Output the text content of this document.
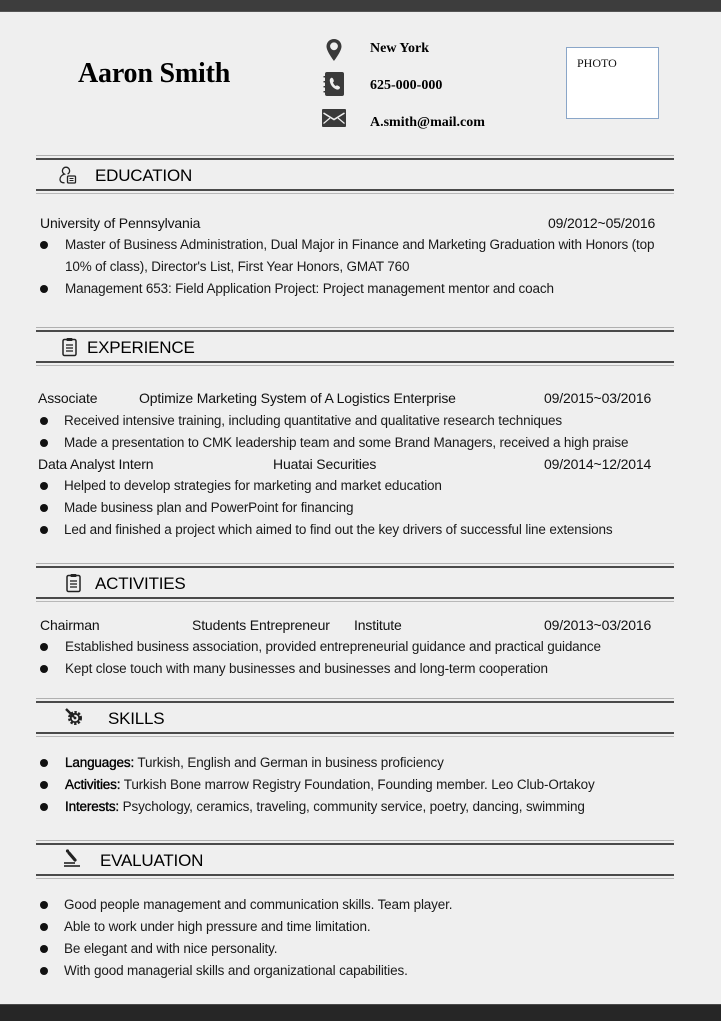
Aaron Smith
New York
625-000-000
A.smith@mail.com
PHOTO
EDUCATION
University of Pennsylvania	09/2012~05/2016
Master of Business Administration, Dual Major in Finance and Marketing Graduation with Honors (top
10% of class), Director's List, First Year Honors, GMAT 760
Management 653: Field Application Project: Project management mentor and coach
EXPERIENCE
Associate	Optimize Marketing System of A Logistics Enterprise	09/2015~03/2016
Received intensive training, including quantitative and qualitative research techniques
Made a presentation to CMK leadership team and some Brand Managers, received a high praise
Data Analyst Intern	Huatai Securities	09/2014~12/2014
Helped to develop strategies for marketing and market education
Made business plan and PowerPoint for financing
Led and finished a project which aimed to find out the key drivers of successful line extensions
ACTIVITIES
Chairman	Students Entrepreneur Institute	09/2013~03/2016
Established business association, provided entrepreneurial guidance and practical guidance
Kept close touch with many businesses and businesses and long-term cooperation
SKILLS
Languages: Turkish, English and German in business proficiency
Activities: Turkish Bone marrow Registry Foundation, Founding member. Leo Club-Ortakoy
Interests: Psychology, ceramics, traveling, community service, poetry, dancing, swimming
EVALUATION
Good people management and communication skills. Team player.
Able to work under high pressure and time limitation.
Be elegant and with nice personality.
With good managerial skills and organizational capabilities.
